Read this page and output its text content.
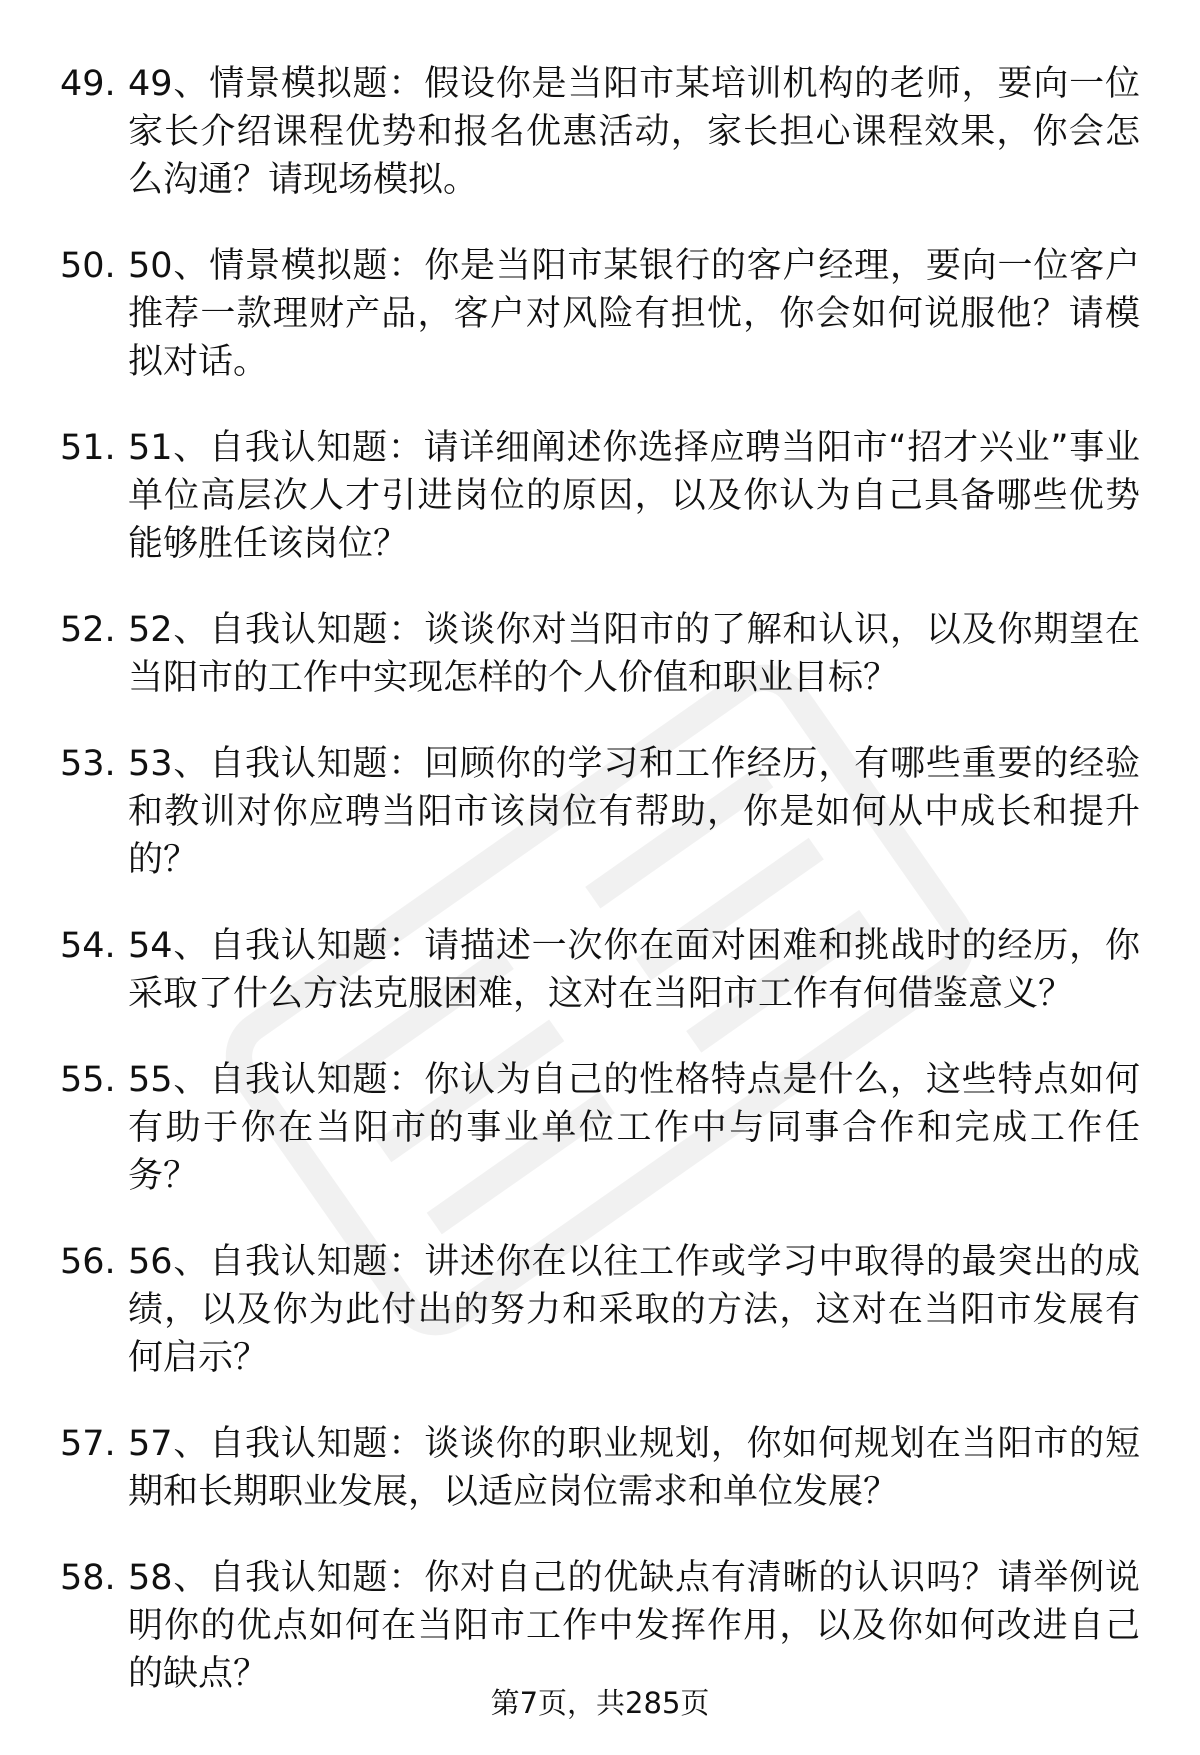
49. 49、情景模拟题：假设你是当阳市某培训机构的老师，要向一位家长介绍课程优势和报名优惠活动，家长担心课程效果，你会怎么沟通？请现场模拟。
50. 50、情景模拟题：你是当阳市某银行的客户经理，要向一位客户推荐一款理财产品，客户对风险有担忧，你会如何说服他？请模拟对话。
51. 51、自我认知题：请详细阐述你选择应聘当阳市“招才兴业”事业单位高层次人才引进岗位的原因，以及你认为自己具备哪些优势能够胜任该岗位？
52. 52、自我认知题：谈谈你对当阳市的了解和认识，以及你期望在当阳市的工作中实现怎样的个人价值和职业目标？
53. 53、自我认知题：回顾你的学习和工作经历，有哪些重要的经验和教训对你应聘当阳市该岗位有帮助，你是如何从中成长和提升的？
54. 54、自我认知题：请描述一次你在面对困难和挑战时的经历，你采取了什么方法克服困难，这对在当阳市工作有何借鉴意义？
55. 55、自我认知题：你认为自己的性格特点是什么，这些特点如何有助于你在当阳市的事业单位工作中与同事合作和完成工作任务？
56. 56、自我认知题：讲述你在以往工作或学习中取得的最突出的成绩，以及你为此付出的努力和采取的方法，这对在当阳市发展有何启示？
57. 57、自我认知题：谈谈你的职业规划，你如何规划在当阳市的短期和长期职业发展，以适应岗位需求和单位发展？
58. 58、自我认知题：你对自己的优缺点有清晰的认识吗？请举例说明你的优点如何在当阳市工作中发挥作用，以及你如何改进自己的缺点？
第7页，共285页
